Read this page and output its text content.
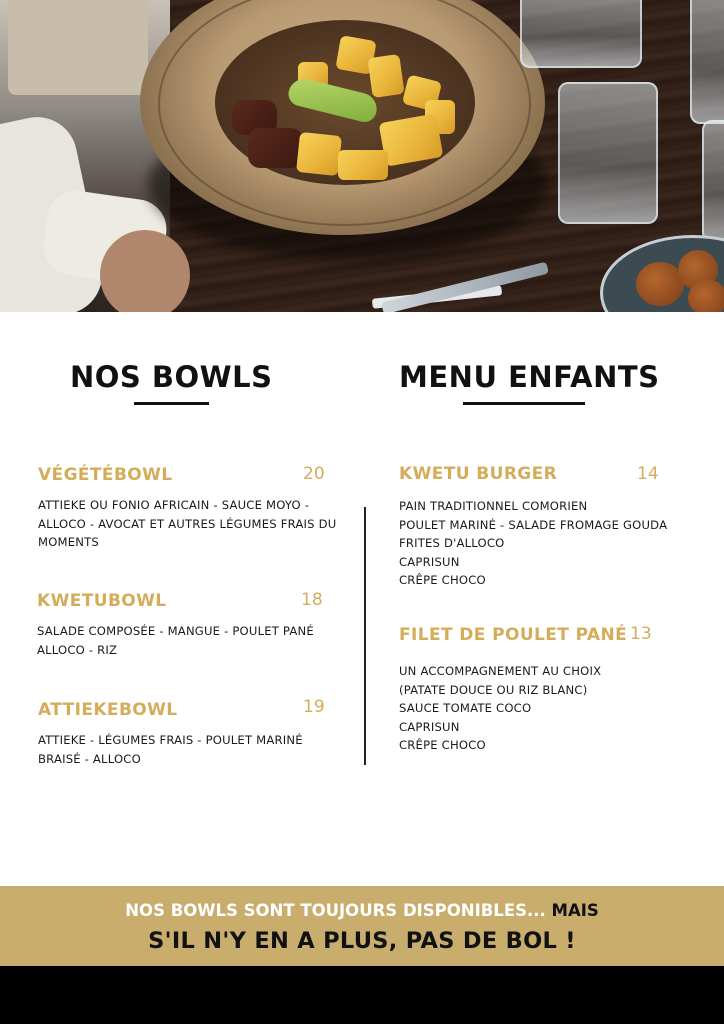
NOS BOWLS
VÉGÉTÉBOWL	20
ATTIEKE OU FONIO AFRICAIN - SAUCE MOYO -
ALLOCO - AVOCAT ET AUTRES LÉGUMES FRAIS DU
MOMENTS
KWETUBOWL	18
SALADE COMPOSÉE - MANGUE - POULET PANÉ
ALLOCO - RIZ
ATTIEKEBOWL	19
ATTIEKE - LÉGUMES FRAIS - POULET MARINÉ
BRAISÉ - ALLOCO
MENU ENFANTS
KWETU BURGER	14
PAIN TRADITIONNEL COMORIEN
POULET MARINÉ - SALADE FROMAGE GOUDA
FRITES D'ALLOCO
CAPRISUN
CRÊPE CHOCO
FILET DE POULET PANÉ 13
UN ACCOMPAGNEMENT AU CHOIX
(PATATE DOUCE OU RIZ BLANC)
SAUCE TOMATE COCO
CAPRISUN
CRÊPE CHOCO
NOS BOWLS SONT TOUJOURS DISPONIBLES... MAIS
S'IL N'Y EN A PLUS, PAS DE BOL !
